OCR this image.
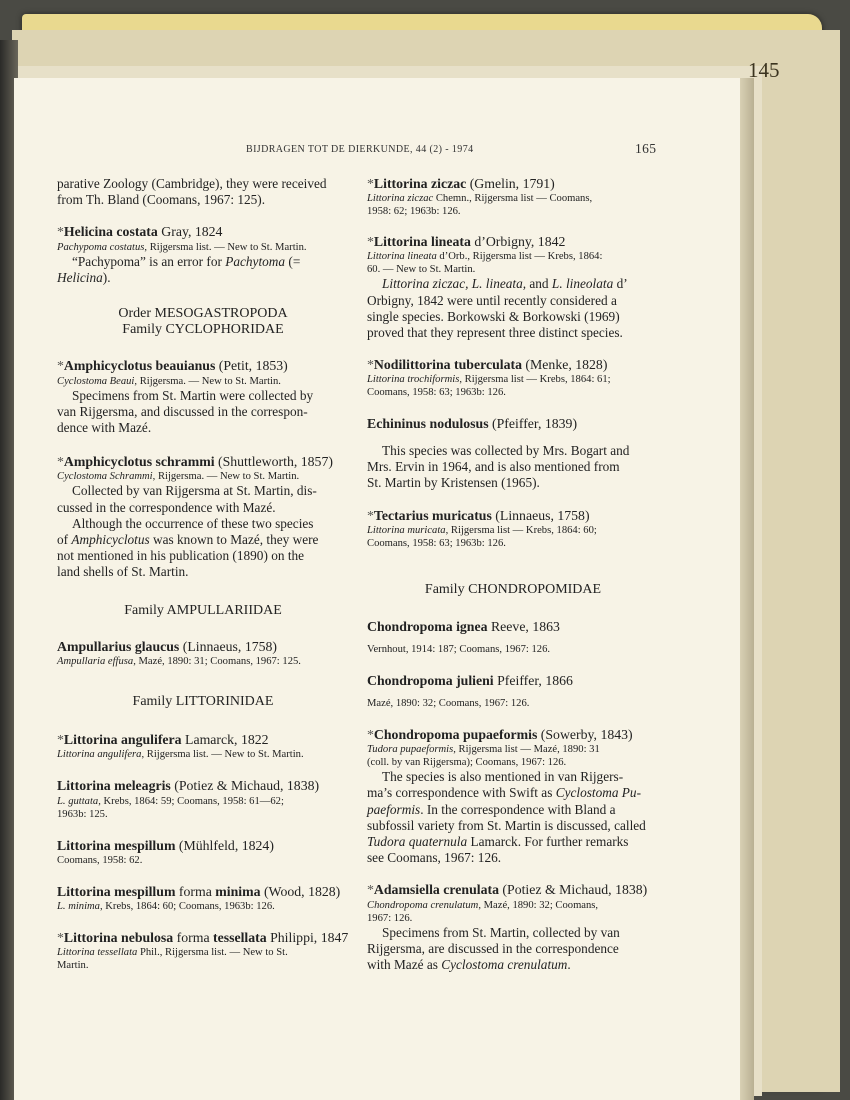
145
BIJDRAGEN TOT DE DIERKUNDE, 44 (2) - 1974	165

parative Zoology (Cambridge), they were received

from Th. Bland (Coomans, 1967: 125).

*Helicina costata Gray, 1824

Pachypoma costatus, Rijgersma list. — New to St. Martin.

“Pachypoma” is an error for Pachytoma (=

Helicina).

Order MESOGASTROPODA

Family CYCLOPHORIDAE

*Amphicyclotus beauianus (Petit, 1853)

Cyclostoma Beaui, Rijgersma. — New to St. Martin.

Specimens from St. Martin were collected by

van Rijgersma, and discussed in the correspon-

dence with Mazé.

*Amphicyclotus schrammi (Shuttleworth, 1857)

Cyclostoma Schrammi, Rijgersma. — New to St. Martin.

Collected by van Rijgersma at St. Martin, dis-

cussed in the correspondence with Mazé.

Although the occurrence of these two species

of Amphicyclotus was known to Mazé, they were

not mentioned in his publication (1890) on the

land shells of St. Martin.

Family AMPULLARIIDAE

Ampullarius glaucus (Linnaeus, 1758)

Ampullaria effusa, Mazé, 1890: 31; Coomans, 1967: 125.

Family LITTORINIDAE

*Littorina angulifera Lamarck, 1822

Littorina angulifera, Rijgersma list. — New to St. Martin.

Littorina meleagris (Potiez & Michaud, 1838)

L. guttata, Krebs, 1864: 59; Coomans, 1958: 61—62;

1963b: 125.

Littorina mespillum (Mühlfeld, 1824)

Coomans, 1958: 62.

Littorina mespillum forma minima (Wood, 1828)

L. minima, Krebs, 1864: 60; Coomans, 1963b: 126.

*Littorina nebulosa forma tessellata Philippi, 1847

Littorina tessellata Phil., Rijgersma list. — New to St.

Martin.

*Littorina ziczac (Gmelin, 1791)

Littorina ziczac Chemn., Rijgersma list — Coomans,

1958: 62; 1963b: 126.

*Littorina lineata d’Orbigny, 1842

Littorina lineata d’Orb., Rijgersma list — Krebs, 1864:

60. — New to St. Martin.

Littorina ziczac, L. lineata, and L. lineolata d’

Orbigny, 1842 were until recently considered a

single species. Borkowski & Borkowski (1969)

proved that they represent three distinct species.

*Nodilittorina tuberculata (Menke, 1828)

Littorina trochiformis, Rijgersma list — Krebs, 1864: 61;

Coomans, 1958: 63; 1963b: 126.

Echininus nodulosus (Pfeiffer, 1839)

This species was collected by Mrs. Bogart and

Mrs. Ervin in 1964, and is also mentioned from

St. Martin by Kristensen (1965).

*Tectarius muricatus (Linnaeus, 1758)

Littorina muricata, Rijgersma list — Krebs, 1864: 60;

Coomans, 1958: 63; 1963b: 126.

Family CHONDROPOMIDAE

Chondropoma ignea Reeve, 1863

Vernhout, 1914: 187; Coomans, 1967: 126.

Chondropoma julieni Pfeiffer, 1866

Mazé, 1890: 32; Coomans, 1967: 126.

*Chondropoma pupaeformis (Sowerby, 1843)

Tudora pupaeformis, Rijgersma list — Mazé, 1890: 31

(coll. by van Rijgersma); Coomans, 1967: 126.

The species is also mentioned in van Rijgers-

ma’s correspondence with Swift as Cyclostoma Pu-

paeformis. In the correspondence with Bland a

subfossil variety from St. Martin is discussed, called

Tudora quaternula Lamarck. For further remarks

see Coomans, 1967: 126.

*Adamsiella crenulata (Potiez & Michaud, 1838)

Chondropoma crenulatum, Mazé, 1890: 32; Coomans,

1967: 126.

Specimens from St. Martin, collected by van

Rijgersma, are discussed in the correspondence

with Mazé as Cyclostoma crenulatum.
